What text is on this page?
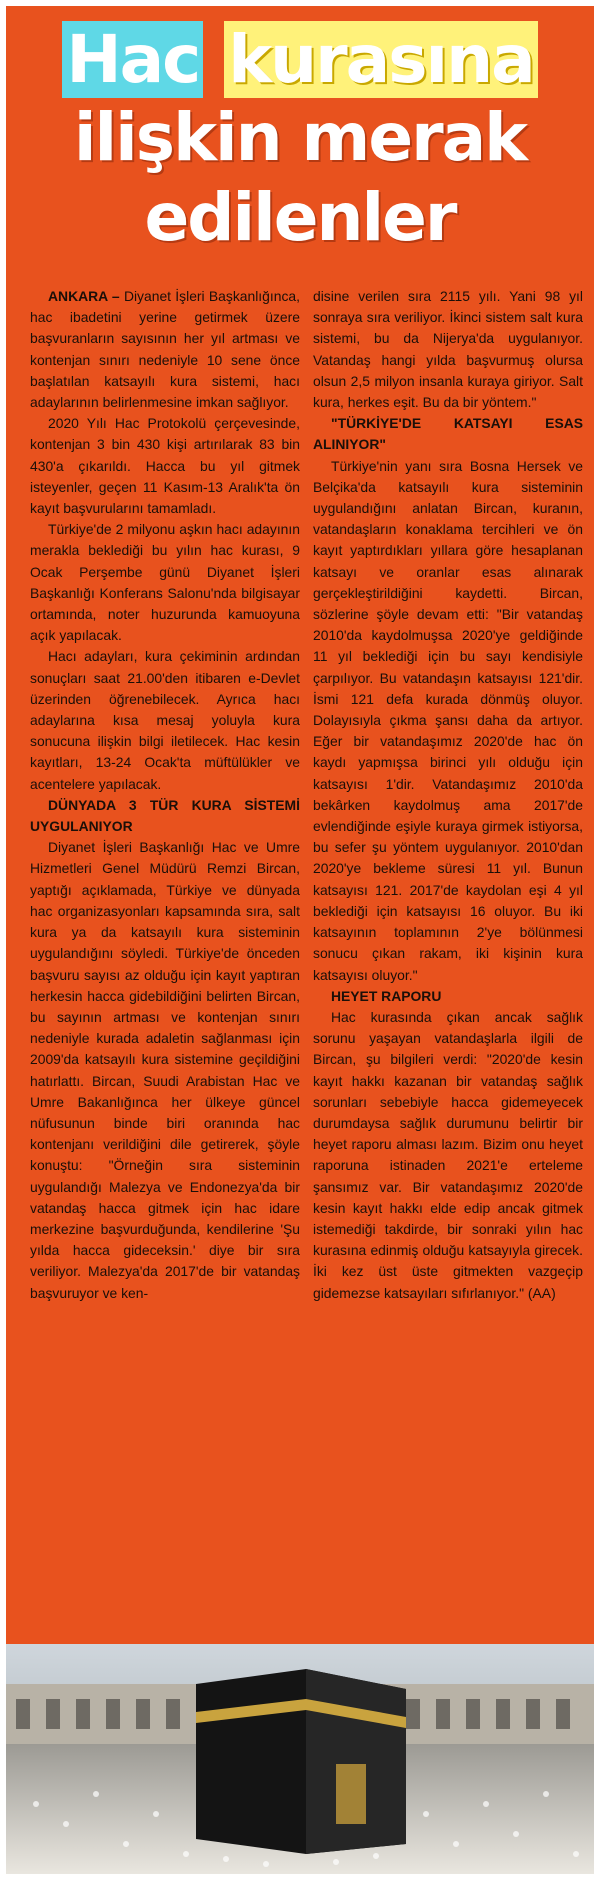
Hac kurasına
ilişkin merak
edilenler

ANKARA – Diyanet İşleri Başkanlığınca, hac ibadetini yerine getirmek üzere başvuranların sayısının her yıl artması ve kontenjan sınırı nedeniyle 10 sene önce başlatılan katsayılı kura sistemi, hacı adaylarının belirlenmesine imkan sağlıyor.

2020 Yılı Hac Protokolü çerçevesinde, kontenjan 3 bin 430 kişi artırılarak 83 bin 430'a çıkarıldı. Hacca bu yıl gitmek isteyenler, geçen 11 Kasım-13 Aralık'ta ön kayıt başvurularını tamamladı.

Türkiye'de 2 milyonu aşkın hacı adayının merakla beklediği bu yılın hac kurası, 9 Ocak Perşembe günü Diyanet İşleri Başkanlığı Konferans Salonu'nda bilgisayar ortamında, noter huzurunda kamuoyuna açık yapılacak.

Hacı adayları, kura çekiminin ardından sonuçları saat 21.00'den itibaren e-Devlet üzerinden öğrenebilecek. Ayrıca hacı adaylarına kısa mesaj yoluyla kura sonucuna ilişkin bilgi iletilecek. Hac kesin kayıtları, 13-24 Ocak'ta müftülükler ve acentelere yapılacak.

DÜNYADA 3 TÜR KURA SİSTEMİ UYGULANIYOR

Diyanet İşleri Başkanlığı Hac ve Umre Hizmetleri Genel Müdürü Remzi Bircan, yaptığı açıklamada, Türkiye ve dünyada hac organizasyonları kapsamında sıra, salt kura ya da katsayılı kura sisteminin uygulandığını söyledi. Türkiye'de önceden başvuru sayısı az olduğu için kayıt yaptıran herkesin hacca gidebildiğini belirten Bircan, bu sayının artması ve kontenjan sınırı nedeniyle kurada adaletin sağlanması için 2009'da katsayılı kura sistemine geçildiğini hatırlattı. Bircan, Suudi Arabistan Hac ve Umre Bakanlığınca her ülkeye güncel nüfusunun binde biri oranında hac kontenjanı verildiğini dile getirerek, şöyle konuştu: "Örneğin sıra sisteminin uygulandığı Malezya ve Endonezya'da bir vatandaş hacca gitmek için hac idare merkezine başvurduğunda, kendilerine 'Şu yılda hacca gideceksin.' diye bir sıra veriliyor. Malezya'da 2017'de bir vatandaş başvuruyor ve ken-

disine verilen sıra 2115 yılı. Yani 98 yıl sonraya sıra veriliyor. İkinci sistem salt kura sistemi, bu da Nijerya'da uygulanıyor. Vatandaş hangi yılda başvurmuş olursa olsun 2,5 milyon insanla kuraya giriyor. Salt kura, herkes eşit. Bu da bir yöntem."

"TÜRKİYE'DE KATSAYI ESAS ALINIYOR"

Türkiye'nin yanı sıra Bosna Hersek ve Belçika'da katsayılı kura sisteminin uygulandığını anlatan Bircan, kuranın, vatandaşların konaklama tercihleri ve ön kayıt yaptırdıkları yıllara göre hesaplanan katsayı ve oranlar esas alınarak gerçekleştirildiğini kaydetti. Bircan, sözlerine şöyle devam etti: "Bir vatandaş 2010'da kaydolmuşsa 2020'ye geldiğinde 11 yıl beklediği için bu sayı kendisiyle çarpılıyor. Bu vatandaşın katsayısı 121'dir. İsmi 121 defa kurada dönmüş oluyor. Dolayısıyla çıkma şansı daha da artıyor. Eğer bir vatandaşımız 2020'de hac ön kaydı yapmışsa birinci yılı olduğu için katsayısı 1'dir. Vatandaşımız 2010'da bekârken kaydolmuş ama 2017'de evlendiğinde eşiyle kuraya girmek istiyorsa, bu sefer şu yöntem uygulanıyor. 2010'dan 2020'ye bekleme süresi 11 yıl. Bunun katsayısı 121. 2017'de kaydolan eşi 4 yıl beklediği için katsayısı 16 oluyor. Bu iki katsayının toplamının 2'ye bölünmesi sonucu çıkan rakam, iki kişinin kura katsayısı oluyor."

HEYET RAPORU

Hac kurasında çıkan ancak sağlık sorunu yaşayan vatandaşlarla ilgili de Bircan, şu bilgileri verdi: "2020'de kesin kayıt hakkı kazanan bir vatandaş sağlık sorunları sebebiyle hacca gidemeyecek durumdaysa sağlık durumunu belirtir bir heyet raporu alması lazım. Bizim onu heyet raporuna istinaden 2021'e erteleme şansımız var. Bir vatandaşımız 2020'de kesin kayıt hakkı elde edip ancak gitmek istemediği takdirde, bir sonraki yılın hac kurasına edinmiş olduğu katsayıyla girecek. İki kez üst üste gitmekten vazgeçip gidemezse katsayıları sıfırlanıyor." (AA)
